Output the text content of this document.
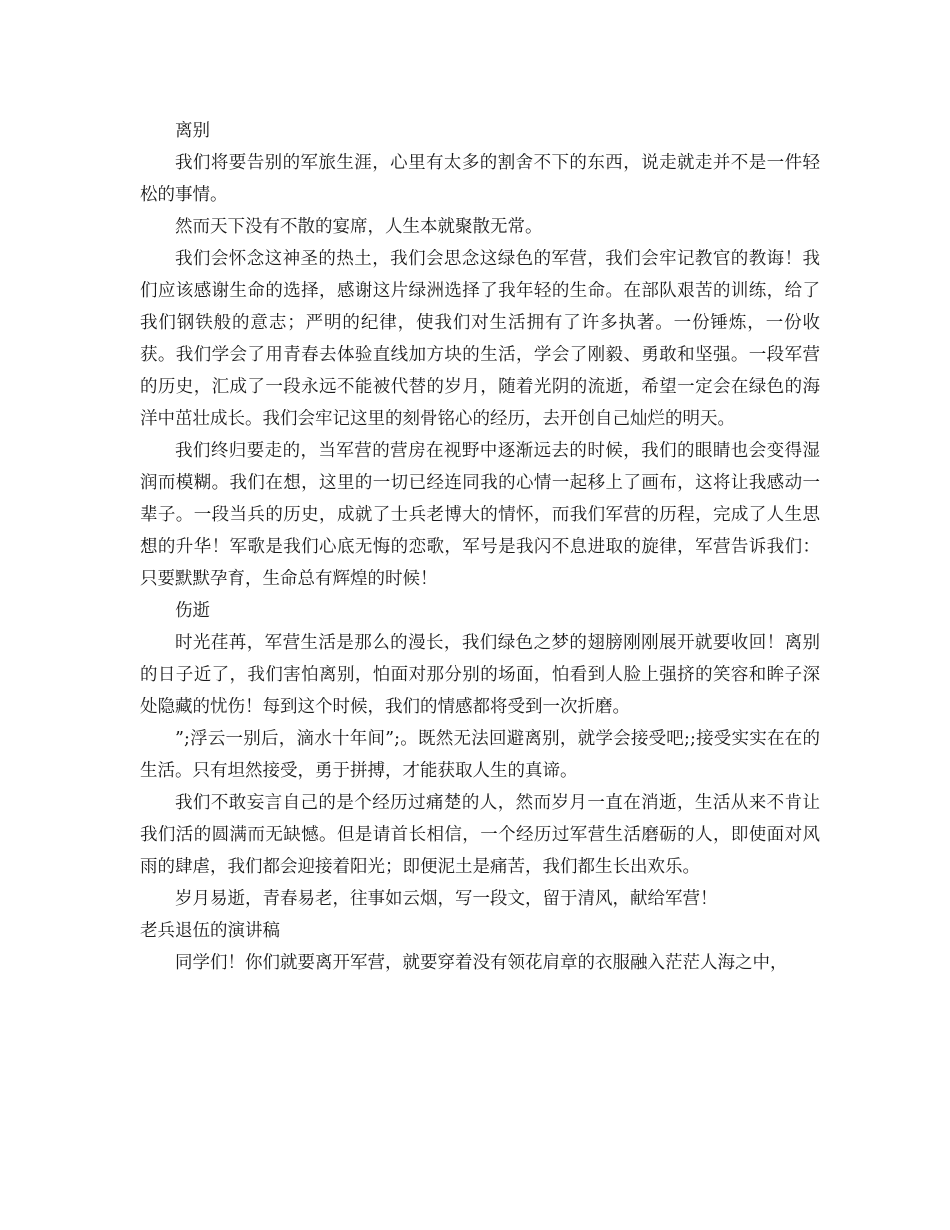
离别

我们将要告别的军旅生涯，心里有太多的割舍不下的东西，说走就走并不是一件轻松的事情。

然而天下没有不散的宴席，人生本就聚散无常。

我们会怀念这神圣的热土，我们会思念这绿色的军营，我们会牢记教官的教诲！我们应该感谢生命的选择，感谢这片绿洲选择了我年轻的生命。在部队艰苦的训练，给了我们钢铁般的意志；严明的纪律，使我们对生活拥有了许多执著。一份锤炼，一份收获。我们学会了用青春去体验直线加方块的生活，学会了刚毅、勇敢和坚强。一段军营的历史，汇成了一段永远不能被代替的岁月，随着光阴的流逝，希望一定会在绿色的海洋中茁壮成长。我们会牢记这里的刻骨铭心的经历，去开创自己灿烂的明天。

我们终归要走的，当军营的营房在视野中逐渐远去的时候，我们的眼睛也会变得湿润而模糊。我们在想，这里的一切已经连同我的心情一起移上了画布，这将让我感动一辈子。一段当兵的历史，成就了士兵老博大的情怀，而我们军营的历程，完成了人生思想的升华！军歌是我们心底无悔的恋歌，军号是我闪不息进取的旋律，军营告诉我们：只要默默孕育，生命总有辉煌的时候！

伤逝

时光荏苒，军营生活是那么的漫长，我们绿色之梦的翅膀刚刚展开就要收回！离别的日子近了，我们害怕离别，怕面对那分别的场面，怕看到人脸上强挤的笑容和眸子深处隐藏的忧伤！每到这个时候，我们的情感都将受到一次折磨。

”;浮云一别后，滴水十年间”;。既然无法回避离别，就学会接受吧;;接受实实在在的生活。只有坦然接受，勇于拼搏，才能获取人生的真谛。

我们不敢妄言自己的是个经历过痛楚的人，然而岁月一直在消逝，生活从来不肯让我们活的圆满而无缺憾。但是请首长相信，一个经历过军营生活磨砺的人，即使面对风雨的肆虐，我们都会迎接着阳光；即便泥土是痛苦，我们都生长出欢乐。

岁月易逝，青春易老，往事如云烟，写一段文，留于清风，献给军营！

老兵退伍的演讲稿

同学们！你们就要离开军营，就要穿着没有领花肩章的衣服融入茫茫人海之中，
